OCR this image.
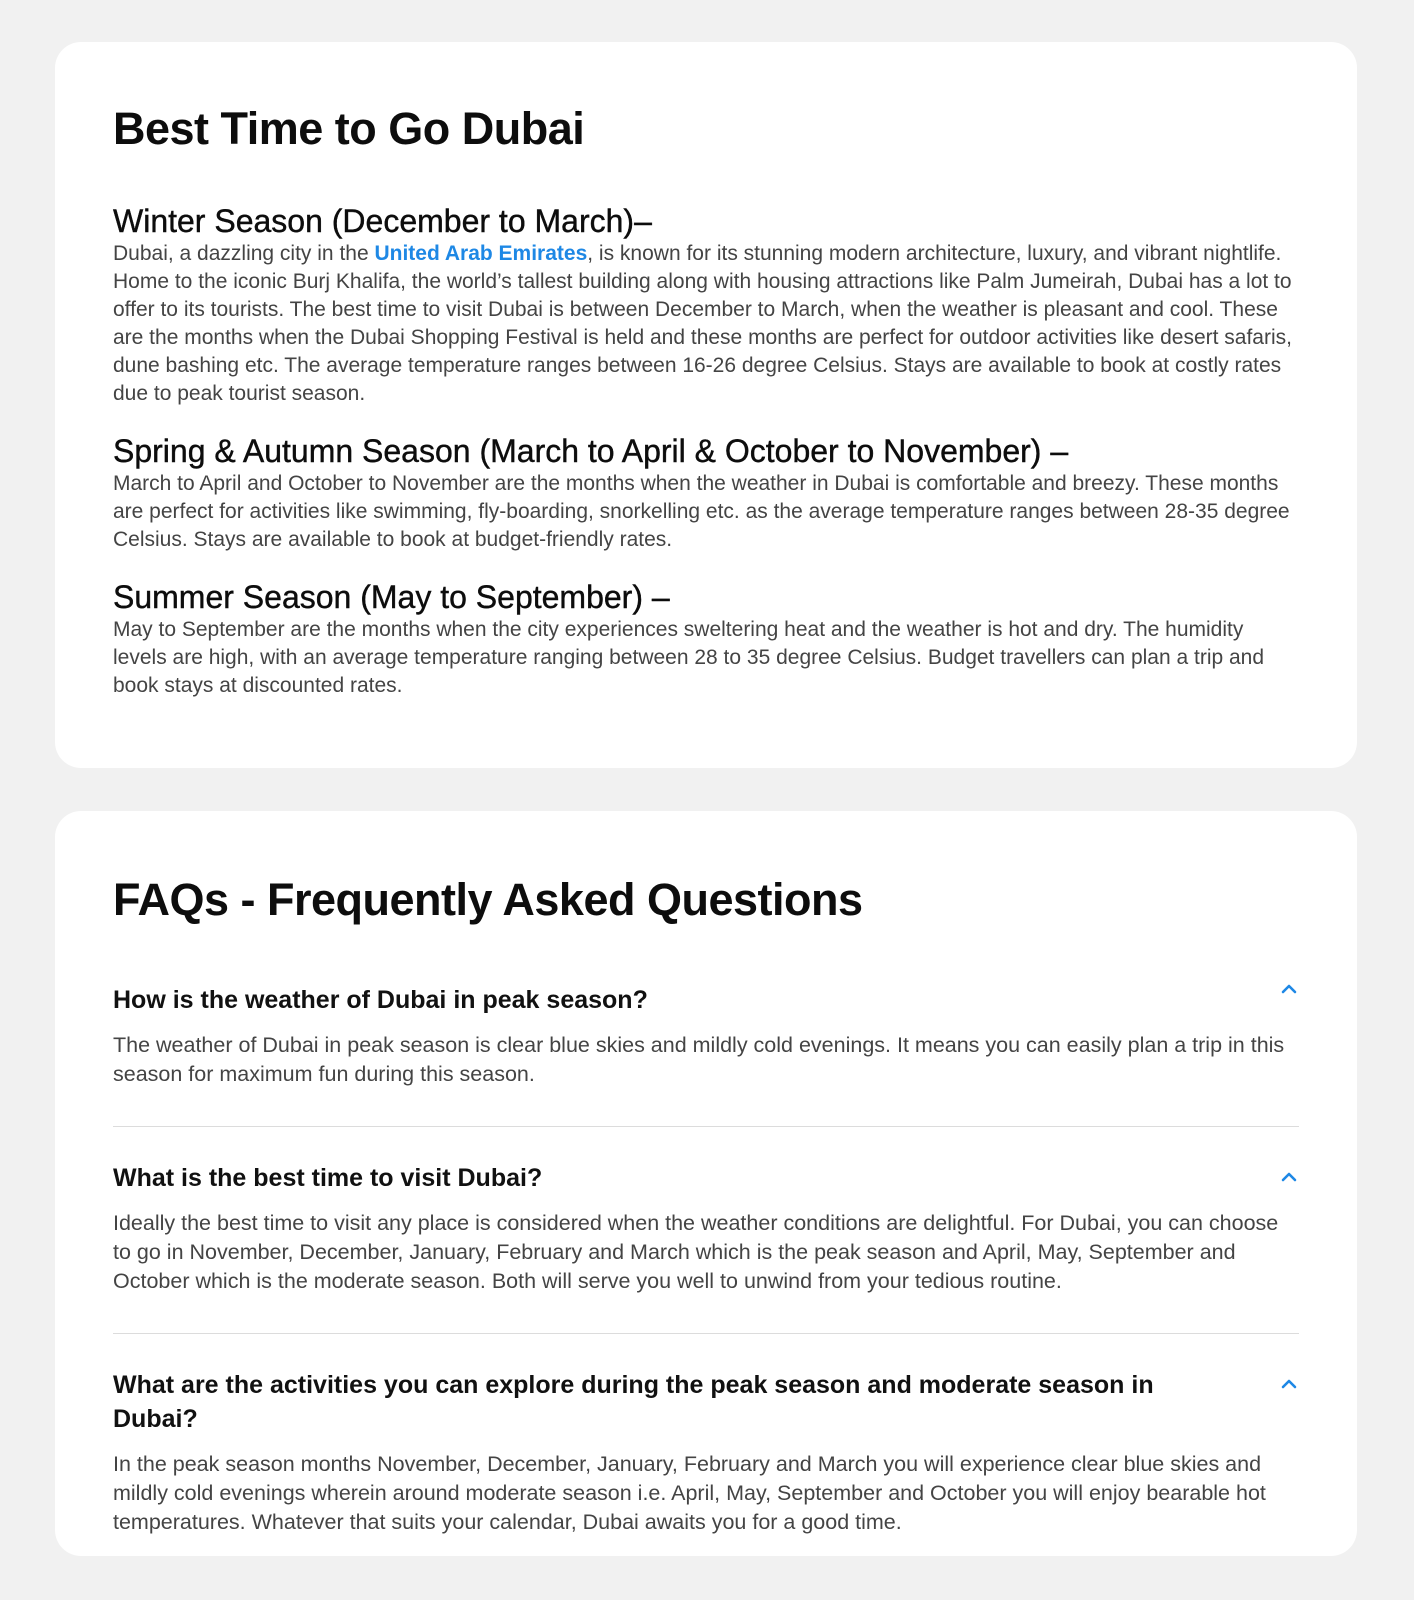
Best Time to Go Dubai
Winter Season (December to March)–

Dubai, a dazzling city in the United Arab Emirates, is known for its stunning modern architecture, luxury, and vibrant nightlife. Home to the iconic Burj Khalifa, the world’s tallest building along with housing attractions like Palm Jumeirah, Dubai has a lot to offer to its tourists. The best time to visit Dubai is between December to March, when the weather is pleasant and cool. These are the months when the Dubai Shopping Festival is held and these months are perfect for outdoor activities like desert safaris, dune bashing etc. The average temperature ranges between 16-26 degree Celsius. Stays are available to book at costly rates due to peak tourist season.

Spring & Autumn Season (March to April & October to November) –

March to April and October to November are the months when the weather in Dubai is comfortable and breezy. These months are perfect for activities like swimming, fly-boarding, snorkelling etc. as the average temperature ranges between 28-35 degree Celsius. Stays are available to book at budget-friendly rates.

Summer Season (May to September) –

May to September are the months when the city experiences sweltering heat and the weather is hot and dry. The humidity levels are high, with an average temperature ranging between 28 to 35 degree Celsius. Budget travellers can plan a trip and book stays at discounted rates.

FAQs - Frequently Asked Questions
How is the weather of Dubai in peak season?

The weather of Dubai in peak season is clear blue skies and mildly cold evenings. It means you can easily plan a trip in this season for maximum fun during this season.

What is the best time to visit Dubai?

Ideally the best time to visit any place is considered when the weather conditions are delightful. For Dubai, you can choose to go in November, December, January, February and March which is the peak season and April, May, September and October which is the moderate season. Both will serve you well to unwind from your tedious routine.

What are the activities you can explore during the peak season and moderate season in Dubai?

In the peak season months November, December, January, February and March you will experience clear blue skies and mildly cold evenings wherein around moderate season i.e. April, May, September and October you will enjoy bearable hot temperatures. Whatever that suits your calendar, Dubai awaits you for a good time.
